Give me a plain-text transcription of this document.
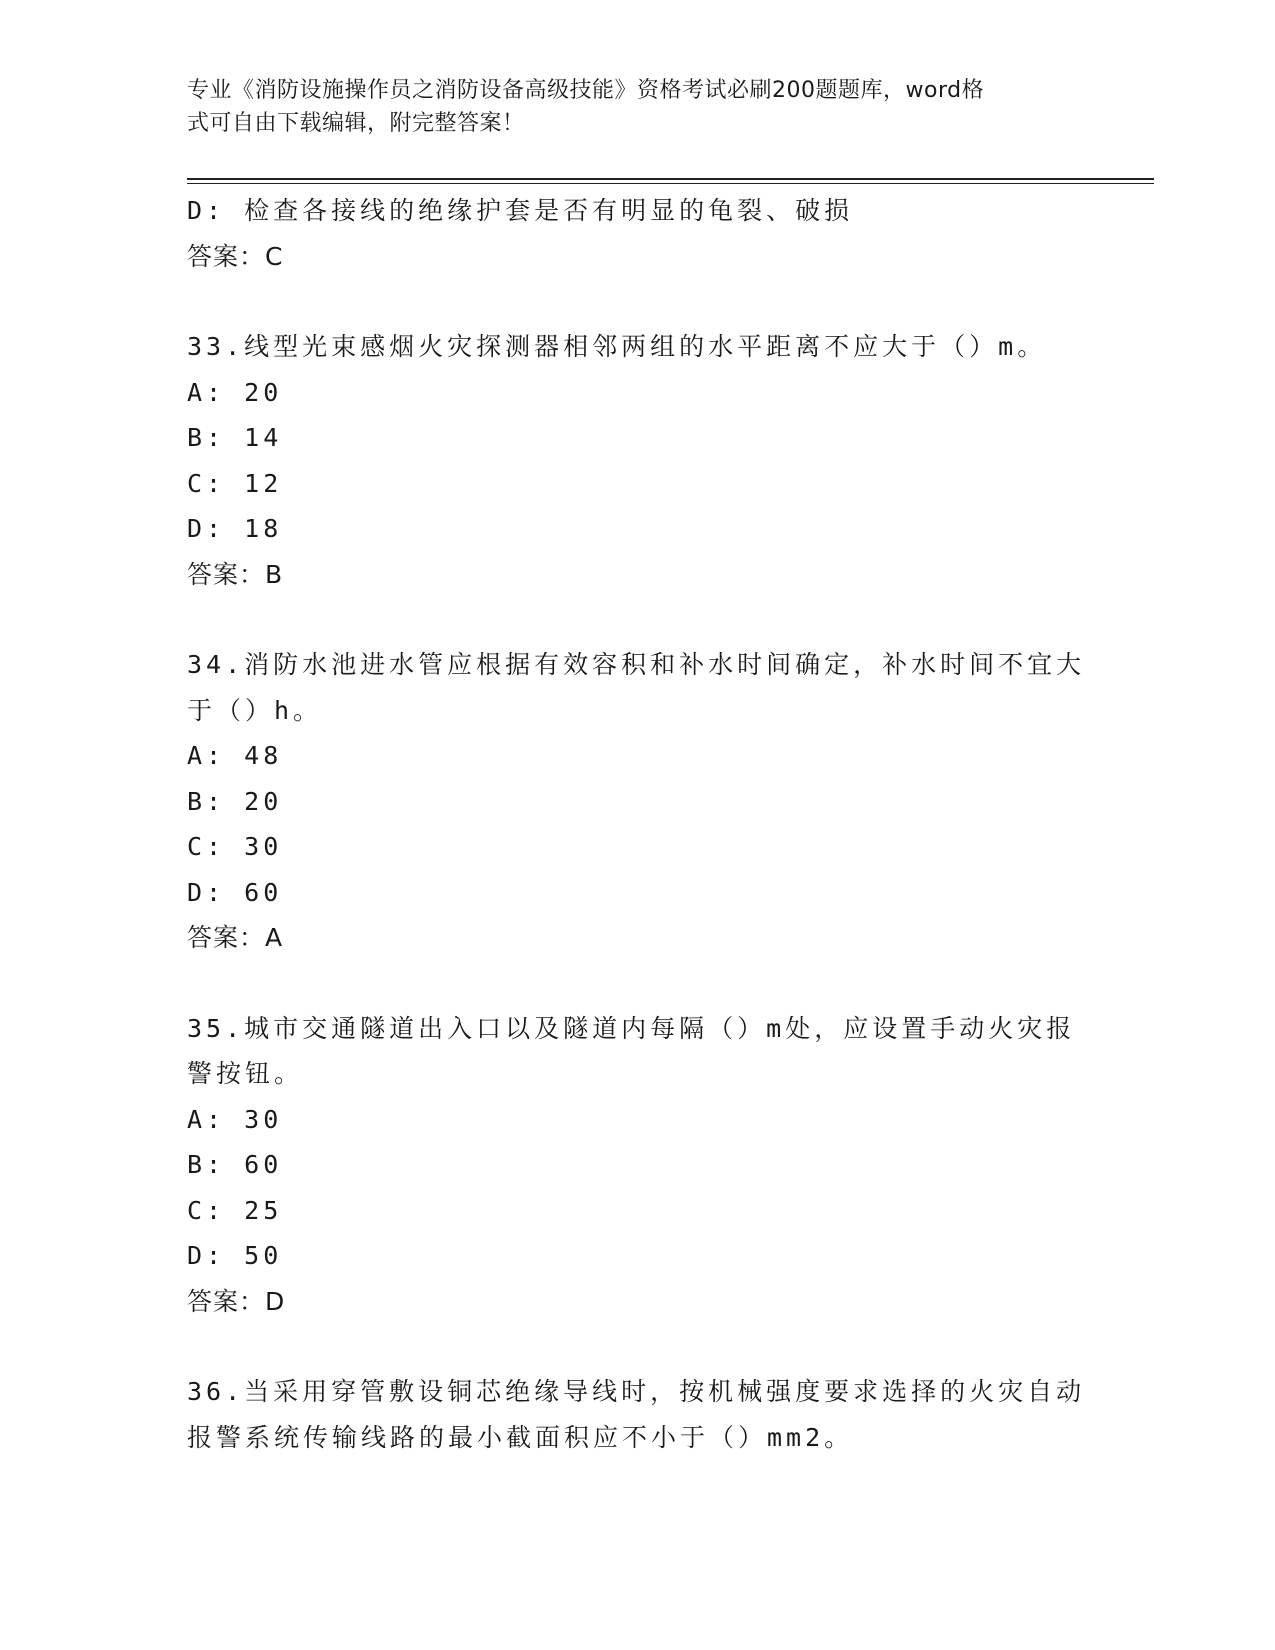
专业《消防设施操作员之消防设备高级技能》资格考试必刷200题题库，word格
式可自由下载编辑，附完整答案！
D: 检查各接线的绝缘护套是否有明显的龟裂、破损
答案：C
33.线型光束感烟火灾探测器相邻两组的水平距离不应大于（）m。
A: 20
B: 14
C: 12
D: 18
答案：B
34.消防水池进水管应根据有效容积和补水时间确定，补水时间不宜大
于（）h。
A: 48
B: 20
C: 30
D: 60
答案：A
35.城市交通隧道出入口以及隧道内每隔（）m处，应设置手动火灾报
警按钮。
A: 30
B: 60
C: 25
D: 50
答案：D
36.当采用穿管敷设铜芯绝缘导线时，按机械强度要求选择的火灾自动
报警系统传输线路的最小截面积应不小于（）mm2。
